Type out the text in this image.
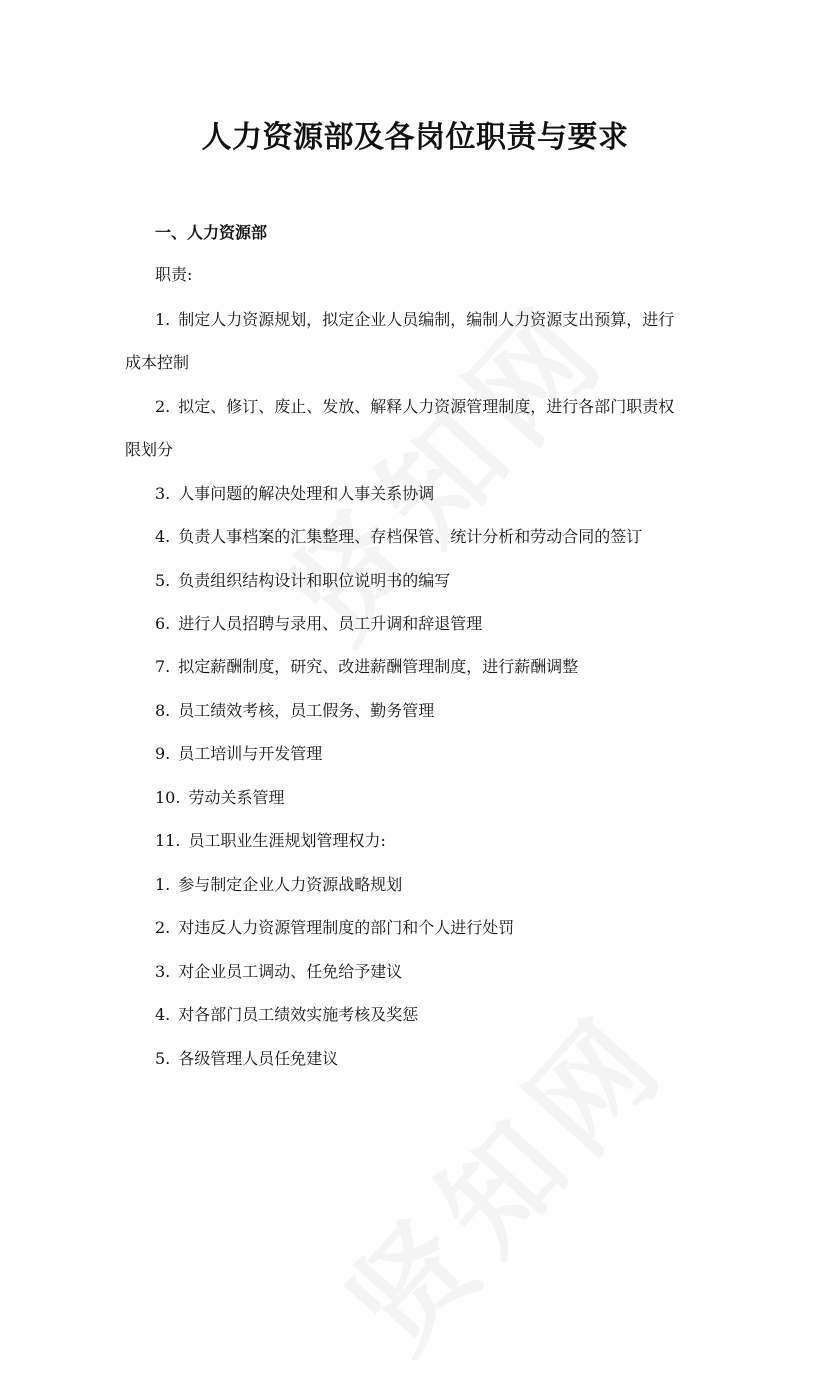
人力资源部及各岗位职责与要求
一、人力资源部

职责:

1. 制定人力资源规划，拟定企业人员编制，编制人力资源支出预算，进行

成本控制

2. 拟定、修订、废止、发放、解释人力资源管理制度，进行各部门职责权

限划分

3. 人事问题的解决处理和人事关系协调

4. 负责人事档案的汇集整理、存档保管、统计分析和劳动合同的签订

5. 负责组织结构设计和职位说明书的编写

6. 进行人员招聘与录用、员工升调和辞退管理

7. 拟定薪酬制度，研究、改进薪酬管理制度，进行薪酬调整

8. 员工绩效考核，员工假务、勤务管理

9. 员工培训与开发管理

10. 劳动关系管理

11. 员工职业生涯规划管理权力:

1. 参与制定企业人力资源战略规划

2. 对违反人力资源管理制度的部门和个人进行处罚

3. 对企业员工调动、任免给予建议

4. 对各部门员工绩效实施考核及奖惩

5. 各级管理人员任免建议
